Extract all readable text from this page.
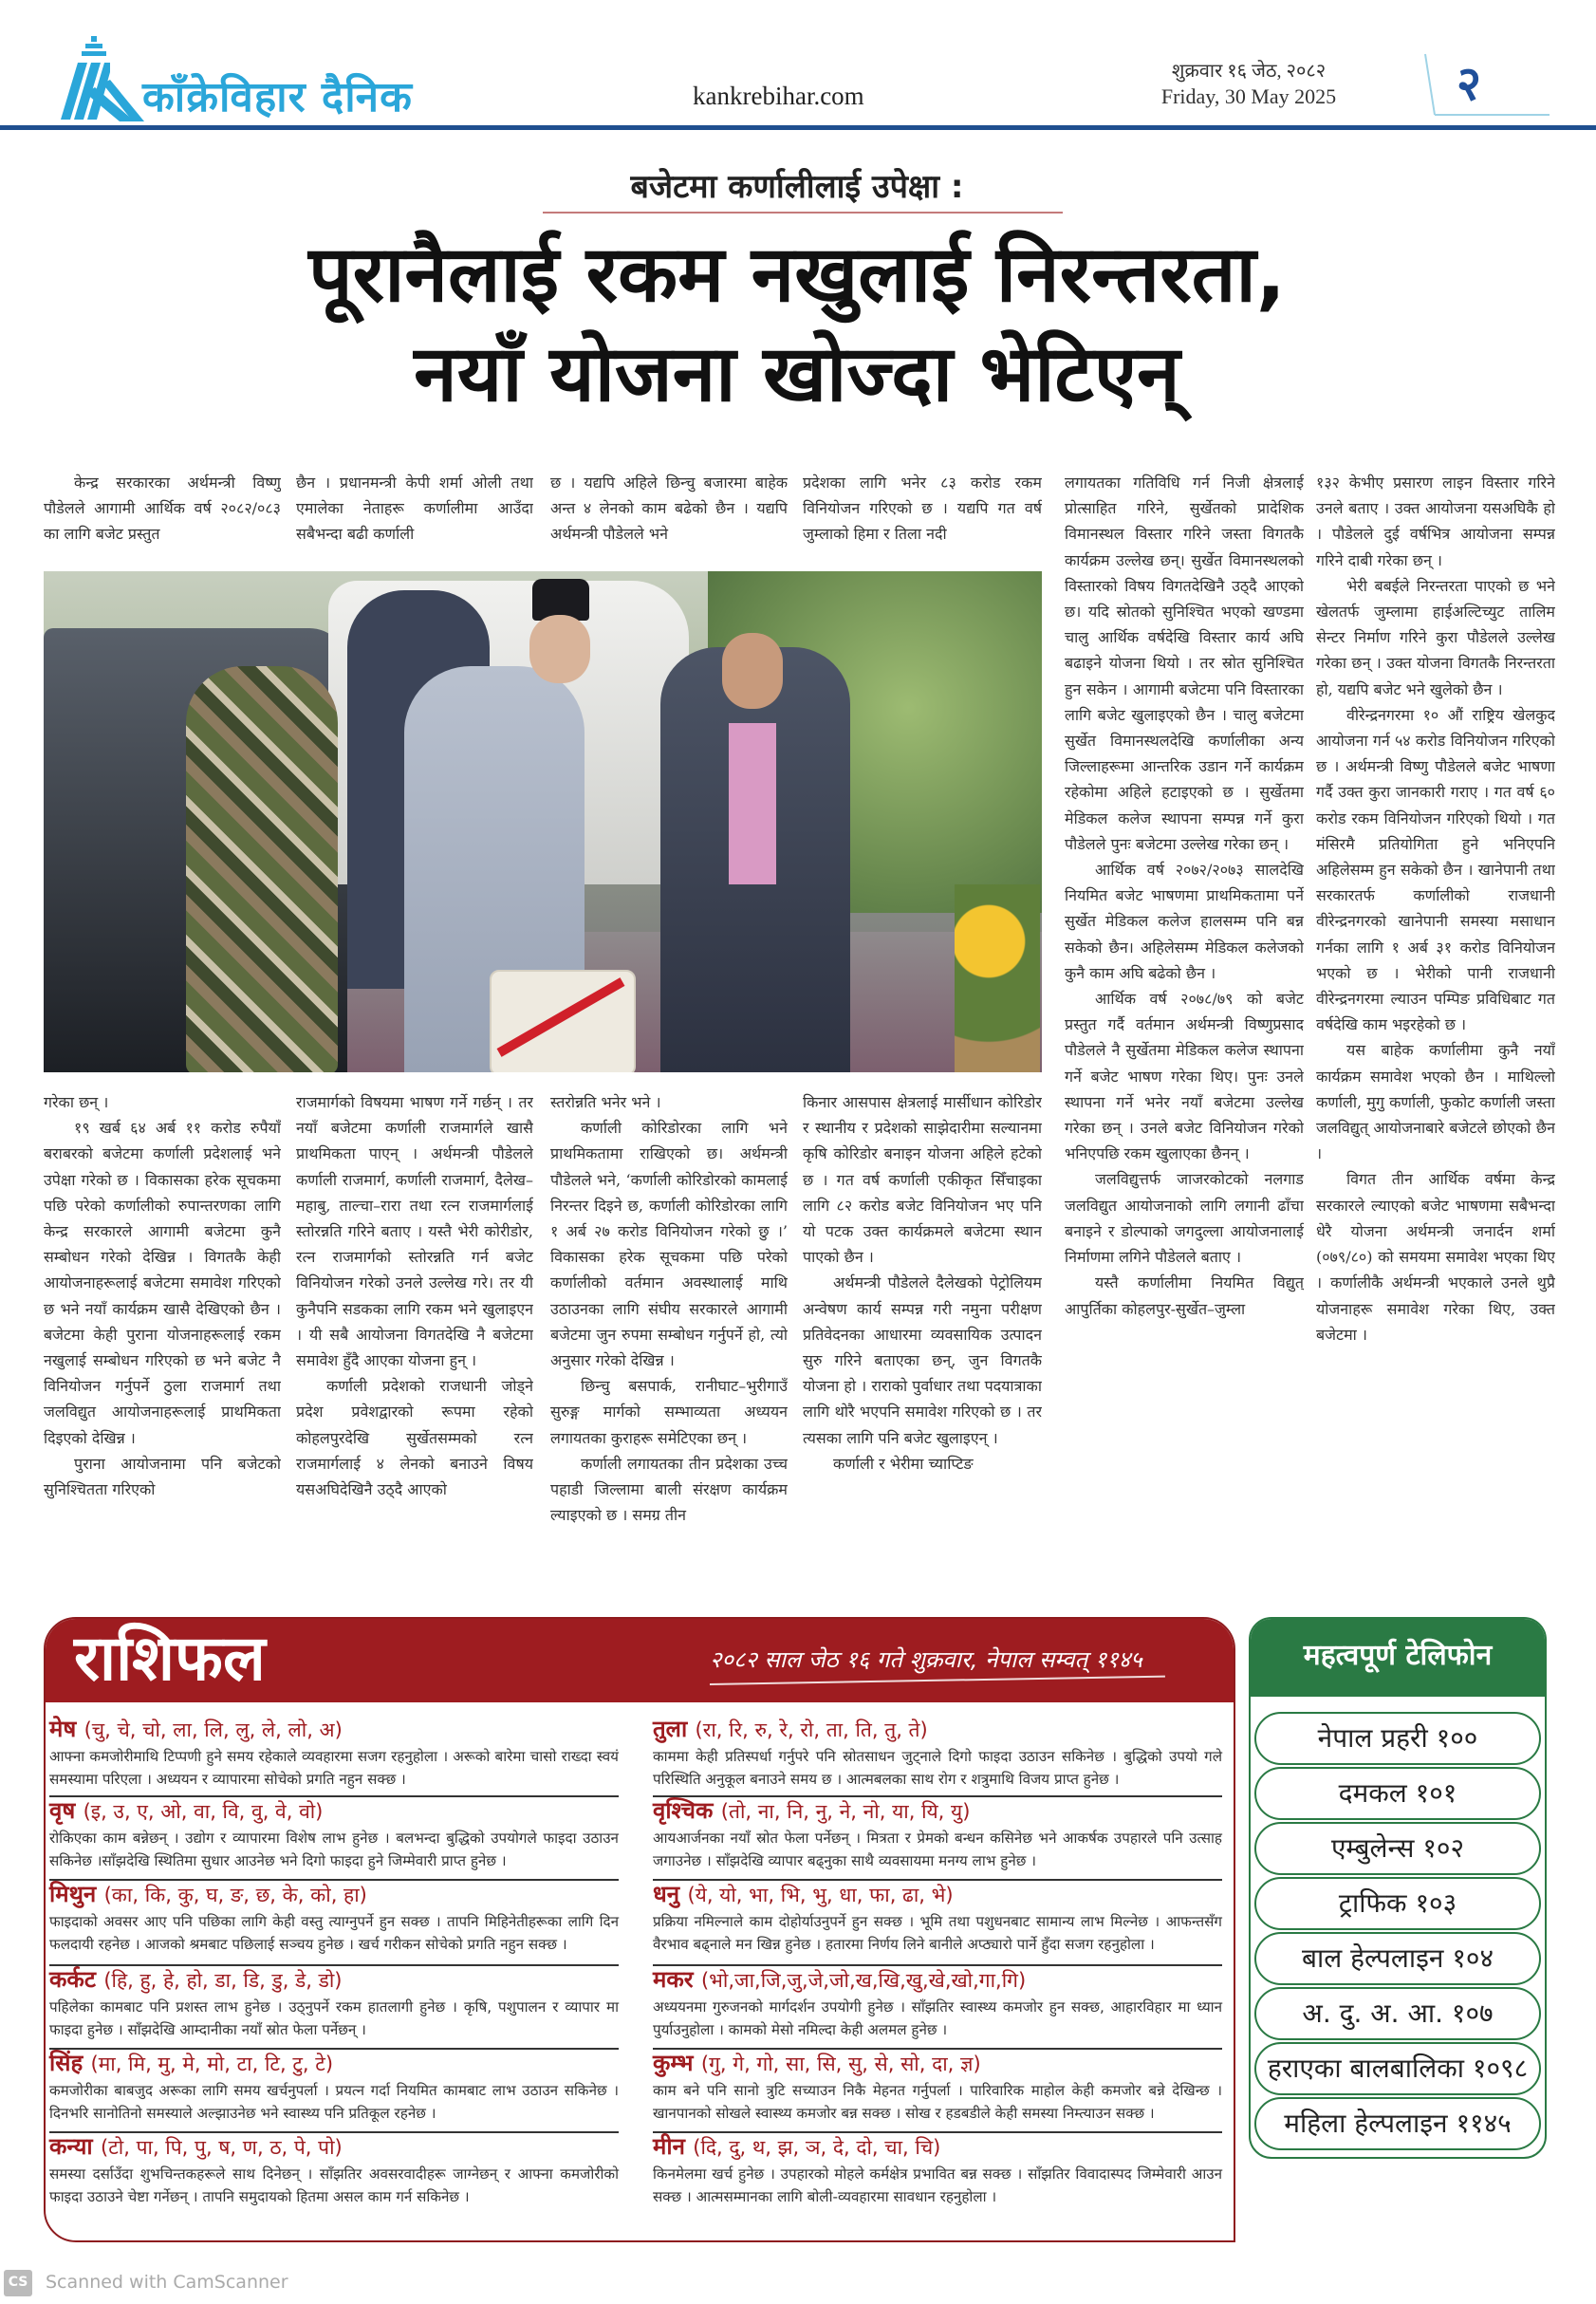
काँक्रेविहार दैनिक	kankrebihar.com
शुक्रवार १६ जेठ, २०८२
Friday, 30 May 2025	२
बजेटमा कर्णालीलाई उपेक्षा :
पूरानैलाई रकम नखुलाई निरन्तरता,
नयाँ योजना खोज्दा भेटिएन्

केन्द्र सरकारका अर्थमन्त्री विष्णु पौडेलले आगामी आर्थिक वर्ष २०८२/०८३ का लागि बजेट प्रस्तुत

छैन । प्रधानमन्त्री केपी शर्मा ओली तथा एमालेका नेताहरू कर्णालीमा आउँदा सबैभन्दा बढी कर्णाली

छ । यद्यपि अहिले छिन्चु बजारमा बाहेक अन्त ४ लेनको काम बढेको छैन । यद्यपि अर्थमन्त्री पौडेलले भने

प्रदेशका लागि भनेर ८३ करोड रकम विनियोजन गरिएको छ । यद्यपि गत वर्ष जुम्लाको हिमा र तिला नदी

लगायतका गतिविधि गर्न निजी क्षेत्रलाई प्रोत्साहित गरिने, सुर्खेतको प्रादेशिक विमानस्थल विस्तार गरिने जस्ता विगतकै कार्यक्रम उल्लेख छन्। सुर्खेत विमानस्थलको विस्तारको विषय विगतदेखिनै उठ्दै आएको छ। यदि स्रोतको सुनिश्चित भएको खण्डमा चालु आर्थिक वर्षदेखि विस्तार कार्य अघि बढाइने योजना थियो । तर स्रोत सुनिश्चित हुन सकेन । आगामी बजेटमा पनि विस्तारका लागि बजेट खुलाइएको छैन । चालु बजेटमा सुर्खेत विमानस्थलदेखि कर्णालीका अन्य जिल्लाहरूमा आन्तरिक उडान गर्ने कार्यक्रम रहेकोमा अहिले हटाइएको छ । सुर्खेतमा मेडिकल कलेज स्थापना सम्पन्न गर्ने कुरा पौडेलले पुनः बजेटमा उल्लेख गरेका छन् ।

आर्थिक वर्ष २०७२/२०७३ सालदेखि नियमित बजेट भाषणमा प्राथमिकतामा पर्ने सुर्खेत मेडिकल कलेज हालसम्म पनि बन्न सकेको छैन। अहिलेसम्म मेडिकल कलेजको कुनै काम अघि बढेको छैन ।

आर्थिक वर्ष २०७८/७९ को बजेट प्रस्तुत गर्दै वर्तमान अर्थमन्त्री विष्णुप्रसाद पौडेलले नै सुर्खेतमा मेडिकल कलेज स्थापना गर्ने बजेट भाषण गरेका थिए। पुनः उनले स्थापना गर्ने भनेर नयाँ बजेटमा उल्लेख गरेका छन् । उनले बजेट विनियोजन गरेको भनिएपछि रकम खुलाएका छैनन् ।

जलविद्युत्तर्फ जाजरकोटको नलगाड जलविद्युत आयोजनाको लागि लगानी ढाँचा बनाइने र डोल्पाको जगदुल्ला आयोजनालाई निर्माणमा लगिने पौडेलले बताए ।

यस्तै कर्णालीमा नियमित विद्युत् आपुर्तिका कोहलपुर-सुर्खेत–जुम्ला

१३२ केभीए प्रसारण लाइन विस्तार गरिने उनले बताए । उक्त आयोजना यसअघिकै हो । पौडेलले दुई वर्षभित्र आयोजना सम्पन्न गरिने दाबी गरेका छन् ।

भेरी बबईले निरन्तरता पाएको छ भने खेलतर्फ जुम्लामा हाईअल्टिच्युट तालिम सेन्टर निर्माण गरिने कुरा पौडेलले उल्लेख गरेका छन् । उक्त योजना विगतकै निरन्तरता हो, यद्यपि बजेट भने खुलेको छैन ।

वीरेन्द्रनगरमा १० औं राष्ट्रिय खेलकुद आयोजना गर्न ५४ करोड विनियोजन गरिएको छ । अर्थमन्त्री विष्णु पौडेलले बजेट भाषणा गर्दै उक्त कुरा जानकारी गराए । गत वर्ष ६० करोड रकम विनियोजन गरिएको थियो । गत मंसिरमै प्रतियोगिता हुने भनिएपनि अहिलेसम्म हुन सकेको छैन । खानेपानी तथा सरकारतर्फ कर्णालीको राजधानी वीरेन्द्रनगरको खानेपानी समस्या मसाधान गर्नका लागि १ अर्ब ३१ करोड विनियोजन भएको छ । भेरीको पानी राजधानी वीरेन्द्रनगरमा ल्याउन पम्पिङ प्रविधिबाट गत वर्षदेखि काम भइरहेको छ ।

यस बाहेक कर्णालीमा कुनै नयाँ कार्यक्रम समावेश भएको छैन । माथिल्लो कर्णाली, मुगु कर्णाली, फुकोट कर्णाली जस्ता जलविद्युत् आयोजनाबारे बजेटले छोएको छैन ।

विगत तीन आर्थिक वर्षमा केन्द्र सरकारले ल्याएको बजेट भाषणमा सबैभन्दा धेरै योजना अर्थमन्त्री जनार्दन शर्मा (०७९/८०) को समयमा समावेश भएका थिए । कर्णालीकै अर्थमन्त्री भएकाले उनले थुप्रै योजनाहरू समावेश गरेका थिए, उक्त बजेटमा ।

गरेका छन् ।

१९ खर्ब ६४ अर्ब ११ करोड रुपैयाँ बराबरको बजेटमा कर्णाली प्रदेशलाई भने उपेक्षा गरेको छ । विकासका हरेक सूचकमा पछि परेको कर्णालीको रुपान्तरणका लागि केन्द्र सरकारले आगामी बजेटमा कुनै सम्बोधन गरेको देखिन्न । विगतकै केही आयोजनाहरूलाई बजेटमा समावेश गरिएको छ भने नयाँ कार्यक्रम खासै देखिएको छैन । बजेटमा केही पुराना योजनाहरूलाई रकम नखुलाई सम्बोधन गरिएको छ भने बजेट नै विनियोजन गर्नुपर्ने ठुला राजमार्ग तथा जलविद्युत आयोजनाहरूलाई प्राथमिकता दिइएको देखिन्न ।

पुराना आयोजनामा पनि बजेटको सुनिश्चितता गरिएको

राजमार्गको विषयमा भाषण गर्ने गर्छन् । तर नयाँ बजेटमा कर्णाली राजमार्गले खासै प्राथमिकता पाएन् । अर्थमन्त्री पौडेलले कर्णाली राजमार्ग, कर्णाली राजमार्ग, दैलेख–महाबु, ताल्चा–रारा तथा रत्न राजमार्गलाई स्तोरन्नति गरिने बताए । यस्तै भेरी कोरीडोर, रत्न राजमार्गको स्तोरन्नति गर्न बजेट विनियोजन गरेको उनले उल्लेख गरे। तर यी कुनैपनि सडकका लागि रकम भने खुलाइएन । यी सबै आयोजना विगतदेखि नै बजेटमा समावेश हुँदै आएका योजना हुन् ।

कर्णाली प्रदेशको राजधानी जोड्ने प्रदेश प्रवेशद्वारको रूपमा रहेको कोहलपुरदेखि सुर्खेतसम्मको रत्न राजमार्गलाई ४ लेनको बनाउने विषय यसअघिदेखिनै उठ्दै आएको

स्तरोन्नति भनेर भने ।

कर्णाली कोरिडोरका लागि भने प्राथमिकतामा राखिएको छ। अर्थमन्त्री पौडेलले भने, ‘कर्णाली कोरिडोरको कामलाई निरन्तर दिइने छ, कर्णाली कोरिडोरका लागि १ अर्ब २७ करोड विनियोजन गरेको छु ।’ विकासका हरेक सूचकमा पछि परेको कर्णालीको वर्तमान अवस्थालाई माथि उठाउनका लागि संघीय सरकारले आगामी बजेटमा जुन रुपमा सम्बोधन गर्नुपर्ने हो, त्यो अनुसार गरेको देखिन्न ।

छिन्चु बसपार्क, रानीघाट–भुरीगाउँ सुरुङ्ग मार्गको सम्भाव्यता अध्ययन लगायतका कुराहरू समेटिएका छन् ।

कर्णाली लगायतका तीन प्रदेशका उच्च पहाडी जिल्लामा बाली संरक्षण कार्यक्रम ल्याइएको छ । समग्र तीन

किनार आसपास क्षेत्रलाई मार्सीधान कोरिडोर र स्थानीय र प्रदेशको साझेदारीमा सल्यानमा कृषि कोरिडोर बनाइन योजना अहिले हटेको छ । गत वर्ष कर्णाली एकीकृत सिँचाइका लागि ८२ करोड बजेट विनियोजन भए पनि यो पटक उक्त कार्यक्रमले बजेटमा स्थान पाएको छैन ।

अर्थमन्त्री पौडेलले दैलेखको पेट्रोलियम अन्वेषण कार्य सम्पन्न गरी नमुना परीक्षण प्रतिवेदनका आधारमा व्यवसायिक उत्पादन सुरु गरिने बताएका छन्, जुन विगतकै योजना हो । राराको पुर्वाधार तथा पदयात्राका लागि थोरै भएपनि समावेश गरिएको छ । तर त्यसका लागि पनि बजेट खुलाइएन् ।

कर्णाली र भेरीमा च्याप्टिङ

राशिफल	२०८२ साल जेठ १६ गते शुक्रवार, नेपाल सम्वत् ११४५
मेष (चु, चे, चो, ला, लि, लु, ले, लो, अ)
आफ्ना कमजोरीमाथि टिप्पणी हुने समय रहेकाले व्यवहारमा सजग रहनुहोला । अरूको बारेमा चासो राख्दा स्वयं समस्यामा परिएला । अध्ययन र व्यापारमा सोचेको प्रगति नहुन सक्छ ।
वृष (इ, उ, ए, ओ, वा, वि, वु, वे, वो)
रोकिएका काम बन्नेछन् । उद्योग र व्यापारमा विशेष लाभ हुनेछ । बलभन्दा बुद्धिको उपयोगले फाइदा उठाउन सकिनेछ ।साँझदेखि स्थितिमा सुधार आउनेछ भने दिगो फाइदा हुने जिम्मेवारी प्राप्त हुनेछ ।
मिथुन (का, कि, कु, घ, ङ, छ, के, को, हा)
फाइदाको अवसर आए पनि पछिका लागि केही वस्तु त्याग्नुपर्ने हुन सक्छ । तापनि मिहिनेतीहरूका लागि दिन फलदायी रहनेछ । आजको श्रमबाट पछिलाई सञ्चय हुनेछ । खर्च गरीकन सोचेको प्रगति नहुन सक्छ ।
कर्कट (हि, हु, हे, हो, डा, डि, डु, डे, डो)
पहिलेका कामबाट पनि प्रशस्त लाभ हुनेछ । उठ्नुपर्ने रकम हातलागी हुनेछ । कृषि, पशुपालन र व्यापार मा फाइदा हुनेछ । साँझदेखि आम्दानीका नयाँ स्रोत फेला पर्नेछन् ।
सिंह (मा, मि, मु, मे, मो, टा, टि, टु, टे)
कमजोरीका बाबजुद अरूका लागि समय खर्चनुपर्ला । प्रयत्न गर्दा नियमित कामबाट लाभ उठाउन सकिनेछ । दिनभरि सानोतिनो समस्याले अल्झाउनेछ भने स्वास्थ्य पनि प्रतिकूल रहनेछ ।
कन्या (टो, पा, पि, पु, ष, ण, ठ, पे, पो)
समस्या दर्साउँदा शुभचिन्तकहरूले साथ दिनेछन् । साँझतिर अवसरवादीहरू जाग्नेछन् र आफ्ना कमजोरीको फाइदा उठाउने चेष्टा गर्नेछन् । तापनि समुदायको हितमा असल काम गर्न सकिनेछ ।
तुला (रा, रि, रु, रे, रो, ता, ति, तु, ते)
काममा केही प्रतिस्पर्धा गर्नुपरे पनि स्रोतसाधन जुट्नाले दिगो फाइदा उठाउन सकिनेछ । बुद्धिको उपयो गले परिस्थिति अनुकूल बनाउने समय छ । आत्मबलका साथ रोग र शत्रुमाथि विजय प्राप्त हुनेछ ।
वृश्चिक (तो, ना, नि, नु, ने, नो, या, यि, यु)
आयआर्जनका नयाँ स्रोत फेला पर्नेछन् । मित्रता र प्रेमको बन्धन कसिनेछ भने आकर्षक उपहारले पनि उत्साह जगाउनेछ । साँझदेखि व्यापार बढ्नुका साथै व्यवसायमा मनग्य लाभ हुनेछ ।
धनु (ये, यो, भा, भि, भु, धा, फा, ढा, भे)
प्रक्रिया नमिल्नाले काम दोहोर्याउनुपर्ने हुन सक्छ । भूमि तथा पशुधनबाट सामान्य लाभ मिल्नेछ । आफन्तसँग वैरभाव बढ्नाले मन खिन्न हुनेछ । हतारमा निर्णय लिने बानीले अप्ठ्यारो पार्ने हुँदा सजग रहनुहोला ।
मकर (भो,जा,जि,जु,जे,जो,ख,खि,खु,खे,खो,गा,गि)
अध्ययनमा गुरुजनको मार्गदर्शन उपयोगी हुनेछ । साँझतिर स्वास्थ्य कमजोर हुन सक्छ, आहारविहार मा ध्यान पुर्याउनुहोला । कामको मेसो नमिल्दा केही अलमल हुनेछ ।
कुम्भ (गु, गे, गो, सा, सि, सु, से, सो, दा, ज्ञ)
काम बने पनि सानो त्रुटि सच्याउन निकै मेहनत गर्नुपर्ला । पारिवारिक माहोल केही कमजोर बन्ने देखिन्छ । खानपानको सोखले स्वास्थ्य कमजोर बन्न सक्छ । सोख र हडबडीले केही समस्या निम्त्याउन सक्छ ।
मीन (दि, दु, थ, झ, ञ, दे, दो, चा, चि)
किनमेलमा खर्च हुनेछ । उपहारको मोहले कर्मक्षेत्र प्रभावित बन्न सक्छ । साँझतिर विवादास्पद जिम्मेवारी आउन सक्छ । आत्मसम्मानका लागि बोली-व्यवहारमा सावधान रहनुहोला ।
महत्वपूर्ण टेलिफोन
नेपाल प्रहरी १००
दमकल १०१
एम्बुलेन्स १०२
ट्राफिक १०३
बाल हेल्पलाइन १०४
अ. दु. अ. आ. १०७
हराएका बालबालिका १०९८
महिला हेल्पलाइन ११४५
CS Scanned with CamScanner
